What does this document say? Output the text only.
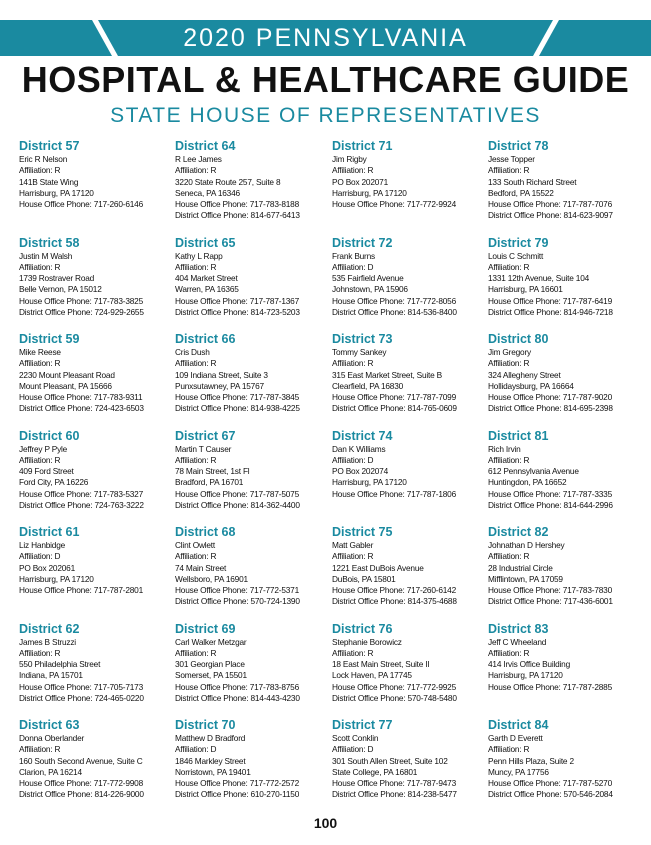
2020 PENNSYLVANIA
HOSPITAL & HEALTHCARE GUIDE
STATE HOUSE OF REPRESENTATIVES
District 57
Eric R Nelson
Affiliation: R
141B State Wing
Harrisburg, PA 17120
House Office Phone: 717-260-6146
District 58
Justin M Walsh
Affiliation: R
1739 Rostraver Road
Belle Vernon, PA 15012
House Office Phone: 717-783-3825
District Office Phone: 724-929-2655
District 59
Mike Reese
Affiliation: R
2230 Mount Pleasant Road
Mount Pleasant, PA 15666
House Office Phone: 717-783-9311
District Office Phone: 724-423-6503
District 60
Jeffrey P Pyle
Affiliation: R
409 Ford Street
Ford City, PA 16226
House Office Phone: 717-783-5327
District Office Phone: 724-763-3222
District 61
Liz Hanbidge
Affiliation: D
PO Box 202061
Harrisburg, PA 17120
House Office Phone: 717-787-2801
District 62
James B Struzzi
Affiliation: R
550 Philadelphia Street
Indiana, PA 15701
House Office Phone: 717-705-7173
District Office Phone: 724-465-0220
District 63
Donna Oberlander
Affiliation: R
160 South Second Avenue, Suite C
Clarion, PA 16214
House Office Phone: 717-772-9908
District Office Phone: 814-226-9000
District 64
R Lee James
Affiliation: R
3220 State Route 257, Suite 8
Seneca, PA 16346
House Office Phone: 717-783-8188
District Office Phone: 814-677-6413
District 65
Kathy L Rapp
Affiliation: R
404 Market Street
Warren, PA 16365
House Office Phone: 717-787-1367
District Office Phone: 814-723-5203
District 66
Cris Dush
Affiliation: R
109 Indiana Street, Suite 3
Punxsutawney, PA 15767
House Office Phone: 717-787-3845
District Office Phone: 814-938-4225
District 67
Martin T Causer
Affiliation: R
78 Main Street, 1st Fl
Bradford, PA 16701
House Office Phone: 717-787-5075
District Office Phone: 814-362-4400
District 68
Clint Owlett
Affiliation: R
74 Main Street
Wellsboro, PA 16901
House Office Phone: 717-772-5371
District Office Phone: 570-724-1390
District 69
Carl Walker Metzgar
Affiliation: R
301 Georgian Place
Somerset, PA 15501
House Office Phone: 717-783-8756
District Office Phone: 814-443-4230
District 70
Matthew D Bradford
Affiliation: D
1846 Markley Street
Norristown, PA 19401
House Office Phone: 717-772-2572
District Office Phone: 610-270-1150
District 71
Jim Rigby
Affiliation: R
PO Box 202071
Harrisburg, PA 17120
House Office Phone: 717-772-9924
District 72
Frank Burns
Affiliation: D
535 Fairfield Avenue
Johnstown, PA 15906
House Office Phone: 717-772-8056
District Office Phone: 814-536-8400
District 73
Tommy Sankey
Affiliation: R
315 East Market Street, Suite B
Clearfield, PA 16830
House Office Phone: 717-787-7099
District Office Phone: 814-765-0609
District 74
Dan K Williams
Affiliation: D
PO Box 202074
Harrisburg, PA 17120
House Office Phone: 717-787-1806
District 75
Matt Gabler
Affiliation: R
1221 East DuBois Avenue
DuBois, PA 15801
House Office Phone: 717-260-6142
District Office Phone: 814-375-4688
District 76
Stephanie Borowicz
Affiliation: R
18 East Main Street, Suite II
Lock Haven, PA 17745
House Office Phone: 717-772-9925
District Office Phone: 570-748-5480
District 77
Scott Conklin
Affiliation: D
301 South Allen Street, Suite 102
State College, PA 16801
House Office Phone: 717-787-9473
District Office Phone: 814-238-5477
District 78
Jesse Topper
Affiliation: R
133 South Richard Street
Bedford, PA 15522
House Office Phone: 717-787-7076
District Office Phone: 814-623-9097
District 79
Louis C Schmitt
Affiliation: R
1331 12th Avenue, Suite 104
Harrisburg, PA 16601
House Office Phone: 717-787-6419
District Office Phone: 814-946-7218
District 80
Jim Gregory
Affiliation: R
324 Allegheny Street
Hollidaysburg, PA 16664
House Office Phone: 717-787-9020
District Office Phone: 814-695-2398
District 81
Rich Irvin
Affiliation: R
612 Pennsylvania Avenue
Huntingdon, PA 16652
House Office Phone: 717-787-3335
District Office Phone: 814-644-2996
District 82
Johnathan D Hershey
Affiliation: R
28 Industrial Circle
Mifflintown, PA 17059
House Office Phone: 717-783-7830
District Office Phone: 717-436-6001
District 83
Jeff C Wheeland
Affiliation: R
414 Irvis Office Building
Harrisburg, PA 17120
House Office Phone: 717-787-2885
District 84
Garth D Everett
Affiliation: R
Penn Hills Plaza, Suite 2
Muncy, PA 17756
House Office Phone: 717-787-5270
District Office Phone: 570-546-2084
100
